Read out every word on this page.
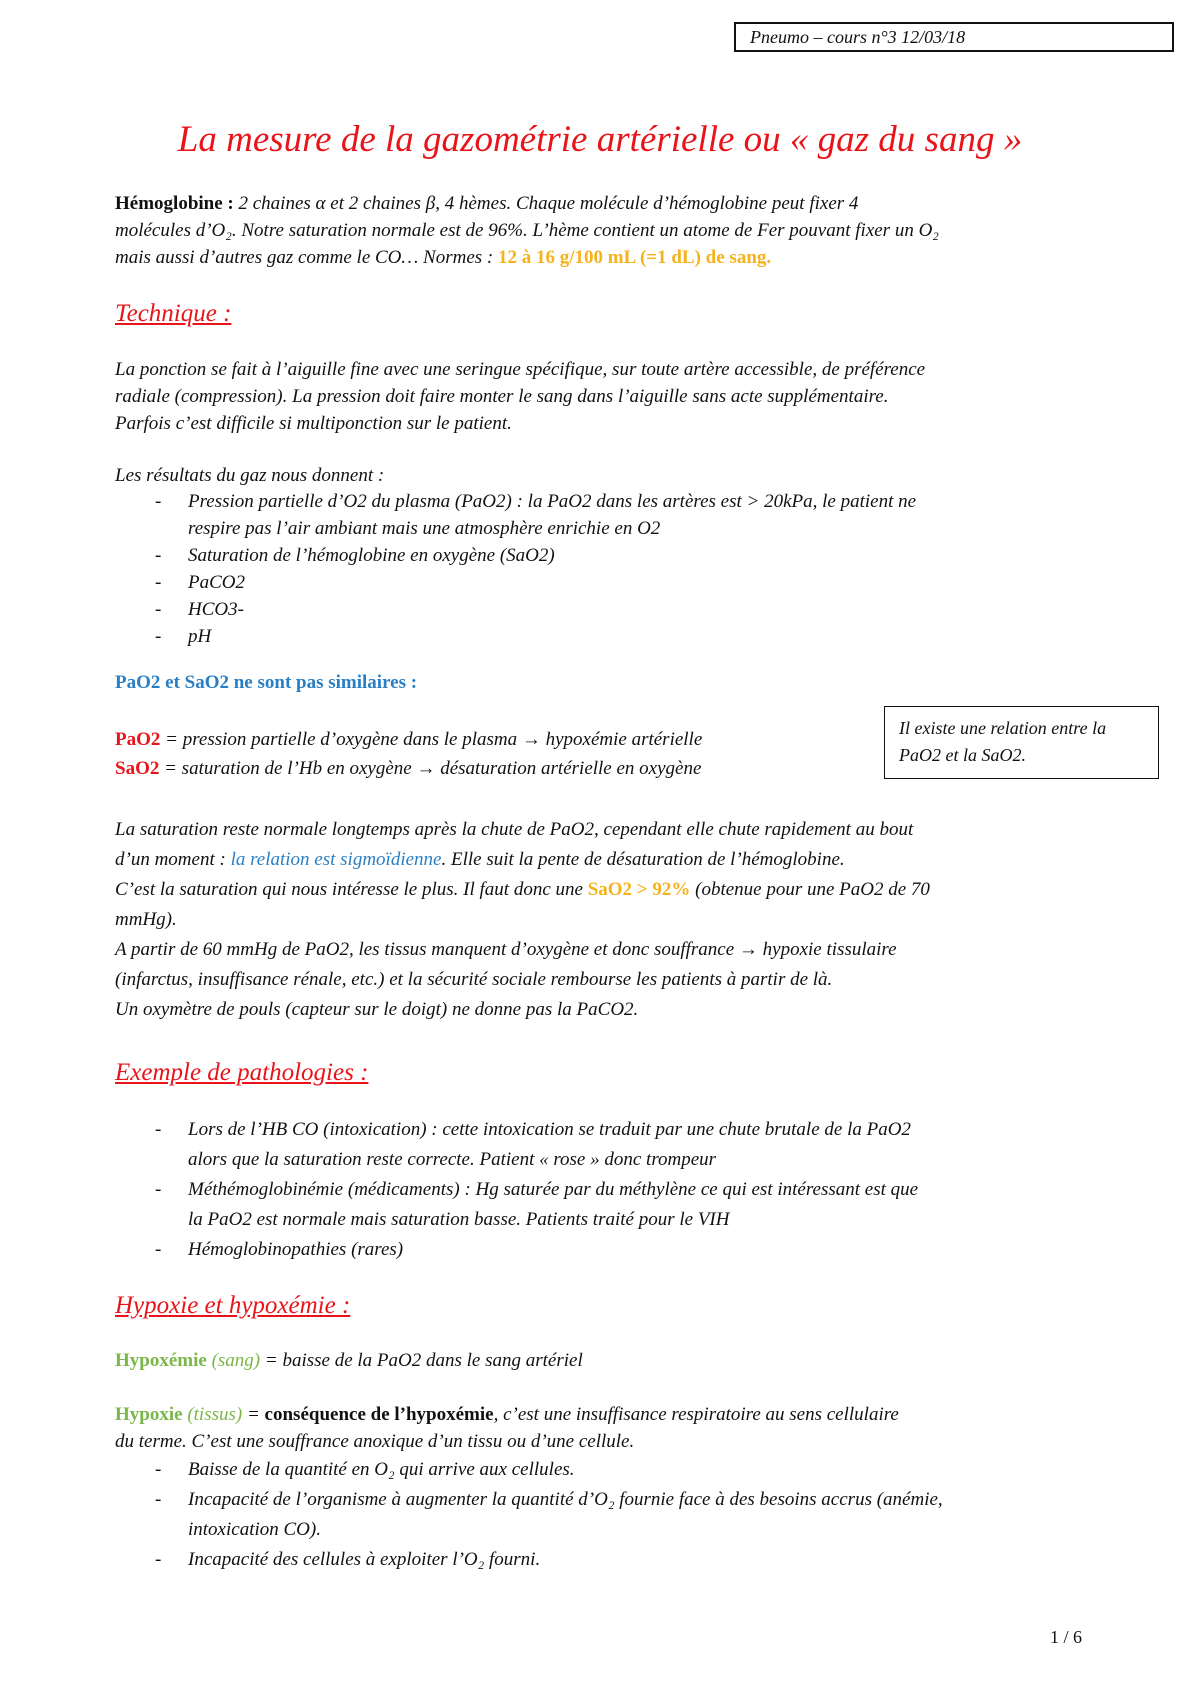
Pneumo – cours n°3 12/03/18
La mesure de la gazométrie artérielle ou « gaz du sang »
Hémoglobine : 2 chaines α et 2 chaines β, 4 hèmes. Chaque molécule d’hémoglobine peut fixer 4
molécules d’O₂. Notre saturation normale est de 96%. L’hème contient un atome de Fer pouvant fixer un O₂
mais aussi d’autres gaz comme le CO… Normes : 12 à 16 g/100 mL (=1 dL) de sang.
Technique :
La ponction se fait à l’aiguille fine avec une seringue spécifique, sur toute artère accessible, de préférence
radiale (compression). La pression doit faire monter le sang dans l’aiguille sans acte supplémentaire.
Parfois c’est difficile si multiponction sur le patient.
Les résultats du gaz nous donnent :
- Pression partielle d’O2 du plasma (PaO2) : la PaO2 dans les artères est > 20kPa, le patient ne
respire pas l’air ambiant mais une atmosphère enrichie en O2
- Saturation de l’hémoglobine en oxygène (SaO2)
- PaCO2
- HCO3-
- pH
PaO2 et SaO2 ne sont pas similaires :
PaO2 = pression partielle d’oxygène dans le plasma → hypoxémie artérielle
SaO2 = saturation de l’Hb en oxygène → désaturation artérielle en oxygène
Il existe une relation entre la
PaO2 et la SaO2.
La saturation reste normale longtemps après la chute de PaO2, cependant elle chute rapidement au bout
d’un moment : la relation est sigmoïdienne. Elle suit la pente de désaturation de l’hémoglobine.
C’est la saturation qui nous intéresse le plus. Il faut donc une SaO2 > 92% (obtenue pour une PaO2 de 70
mmHg).
A partir de 60 mmHg de PaO2, les tissus manquent d’oxygène et donc souffrance → hypoxie tissulaire
(infarctus, insuffisance rénale, etc.) et la sécurité sociale rembourse les patients à partir de là.
Un oxymètre de pouls (capteur sur le doigt) ne donne pas la PaCO2.
Exemple de pathologies :
- Lors de l’HB CO (intoxication) : cette intoxication se traduit par une chute brutale de la PaO2
alors que la saturation reste correcte. Patient « rose » donc trompeur
- Méthémoglobinémie (médicaments) : Hg saturée par du méthylène ce qui est intéressant est que
la PaO2 est normale mais saturation basse. Patients traité pour le VIH
- Hémoglobinopathies (rares)
Hypoxie et hypoxémie :
Hypoxémie (sang) = baisse de la PaO2 dans le sang artériel
Hypoxie (tissus) = conséquence de l’hypoxémie, c’est une insuffisance respiratoire au sens cellulaire
du terme. C’est une souffrance anoxique d’un tissu ou d’une cellule.
- Baisse de la quantité en O₂ qui arrive aux cellules.
- Incapacité de l’organisme à augmenter la quantité d’O₂ fournie face à des besoins accrus (anémie,
intoxication CO).
- Incapacité des cellules à exploiter l’O₂ fourni.
1 / 6
